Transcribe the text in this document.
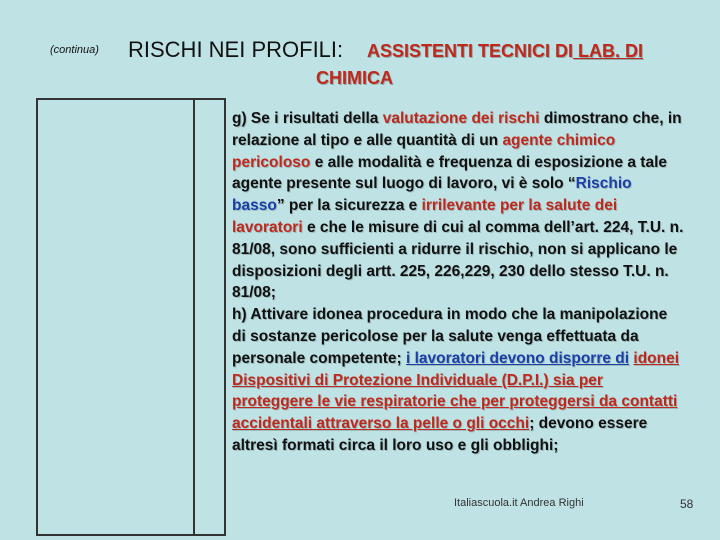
(continua) RISCHI NEI PROFILI: ASSISTENTI TECNICI DI LAB. DI
CHIMICA
g) Se i risultati della valutazione dei rischi dimostrano che, in relazione al tipo e alle quantità di un agente chimico pericoloso e alle modalità e frequenza di esposizione a tale agente presente sul luogo di lavoro, vi è solo “Rischio basso” per la sicurezza e irrilevante per la salute dei lavoratori e che le misure di cui al comma dell’art. 224, T.U. n. 81/08, sono sufficienti a ridurre il rischio, non si applicano le disposizioni degli artt. 225, 226,229, 230 dello stesso T.U. n. 81/08;
h) Attivare idonea procedura in modo che la manipolazione di sostanze pericolose per la salute venga effettuata da personale competente; i lavoratori devono disporre di idonei Dispositivi di Protezione Individuale (D.P.I.) sia per proteggere le vie respiratorie che per proteggersi da contatti accidentali attraverso la pelle o gli occhi; devono essere altresì formati circa il loro uso e gli obblighi;
Italiascuola.it Andrea Righi	58
